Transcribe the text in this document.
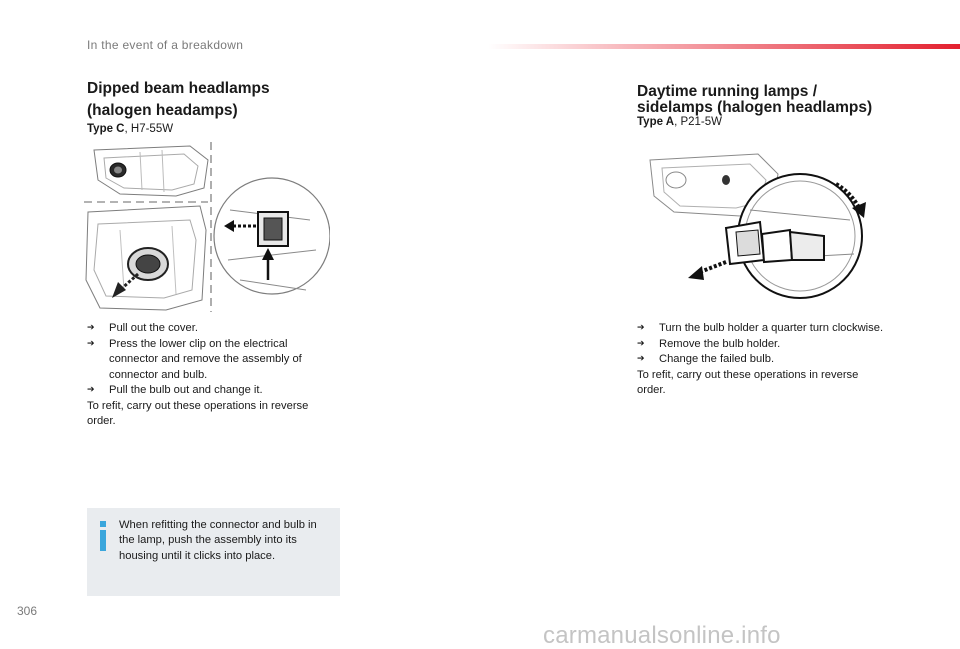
In the event of a breakdown
Dipped beam headlamps
(halogen headamps)
Type C, H7-55W
➔ Pull out the cover.
➔ Press the lower clip on the electrical connector and remove the assembly of connector and bulb.
➔ Pull the bulb out and change it.
To refit, carry out these operations in reverse order.
Daytime running lamps /
sidelamps (halogen headlamps)
Type A, P21-5W
➔ Turn the bulb holder a quarter turn clockwise.
➔ Remove the bulb holder.
➔ Change the failed bulb.
To refit, carry out these operations in reverse order.
When refitting the connector and bulb in the lamp, push the assembly into its housing until it clicks into place.
306
carmanualsonline.info
